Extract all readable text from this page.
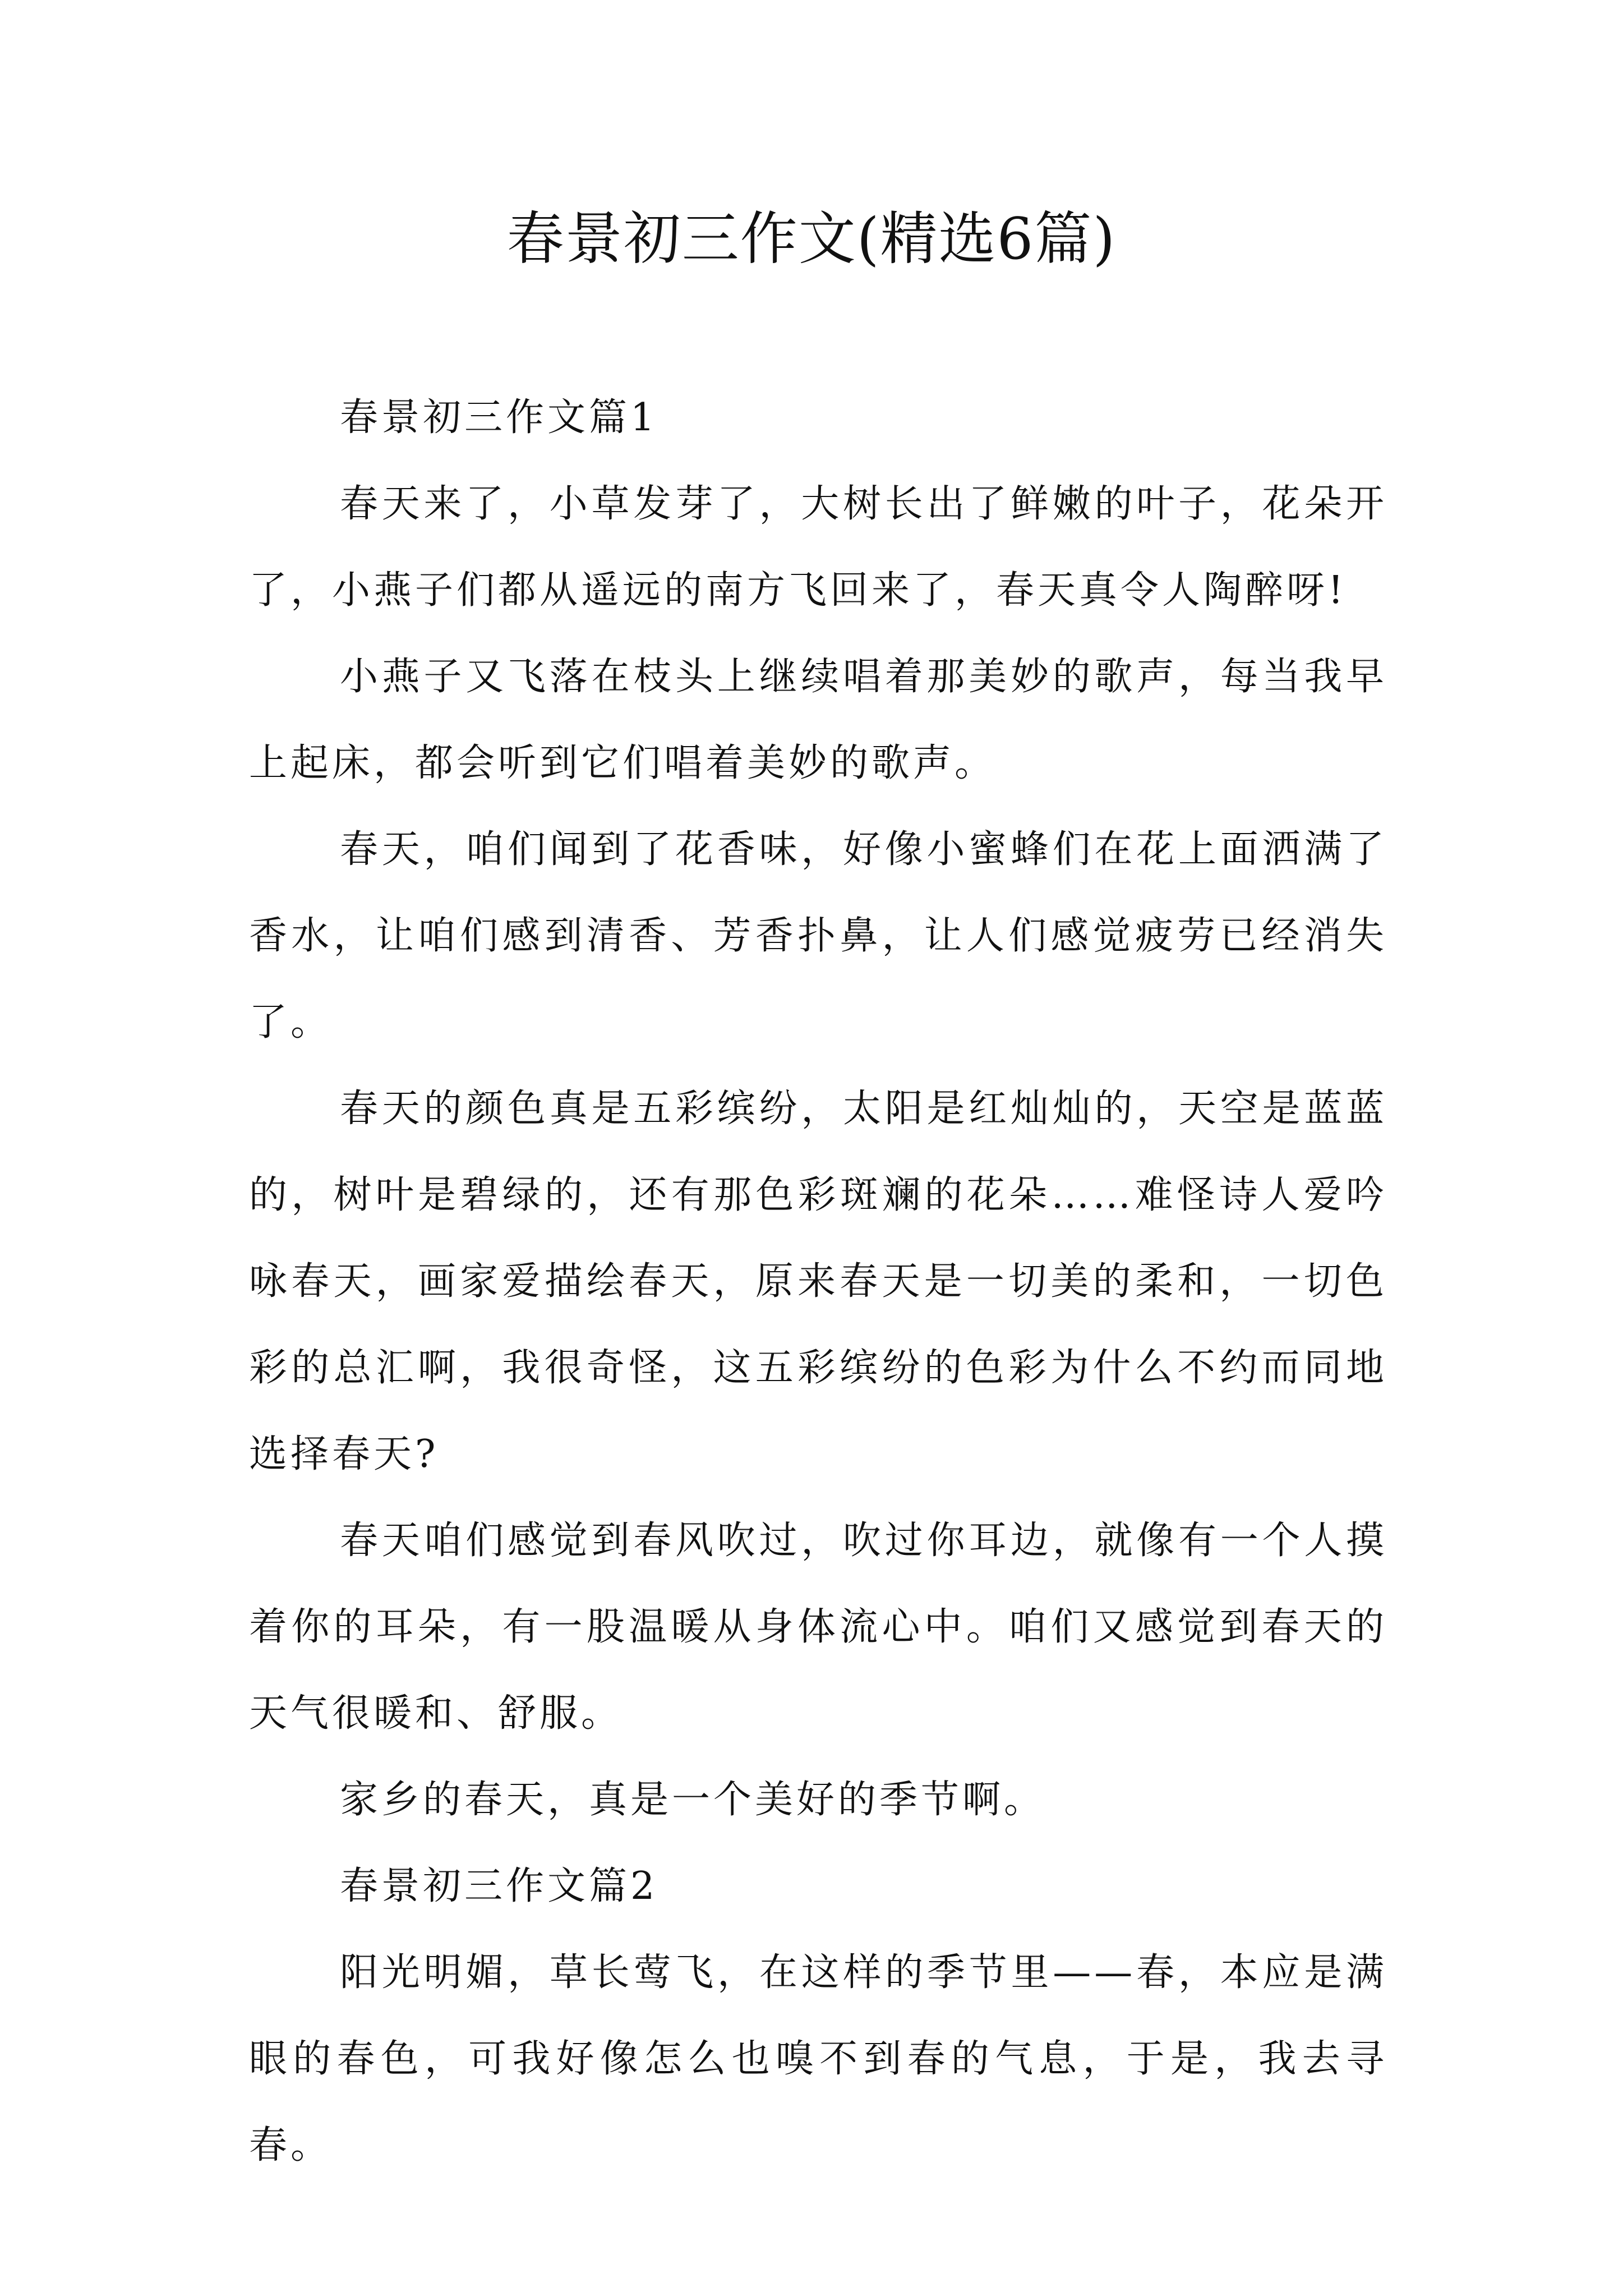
春景初三作文(精选6篇)

春景初三作文篇1

春天来了，小草发芽了，大树长出了鲜嫩的叶子，花朵开了，小燕子们都从遥远的南方飞回来了，春天真令人陶醉呀!

小燕子又飞落在枝头上继续唱着那美妙的歌声，每当我早上起床，都会听到它们唱着美妙的歌声。

春天，咱们闻到了花香味，好像小蜜蜂们在花上面洒满了香水，让咱们感到清香、芳香扑鼻，让人们感觉疲劳已经消失了。

春天的颜色真是五彩缤纷，太阳是红灿灿的，天空是蓝蓝的，树叶是碧绿的，还有那色彩斑斓的花朵……难怪诗人爱吟咏春天，画家爱描绘春天，原来春天是一切美的柔和，一切色彩的总汇啊，我很奇怪，这五彩缤纷的色彩为什么不约而同地选择春天?

春天咱们感觉到春风吹过，吹过你耳边，就像有一个人摸着你的耳朵，有一股温暖从身体流心中。咱们又感觉到春天的天气很暖和、舒服。

家乡的春天，真是一个美好的季节啊。

春景初三作文篇2

阳光明媚，草长莺飞，在这样的季节里——春，本应是满眼的春色，可我好像怎么也嗅不到春的气息，于是，我去寻春。
